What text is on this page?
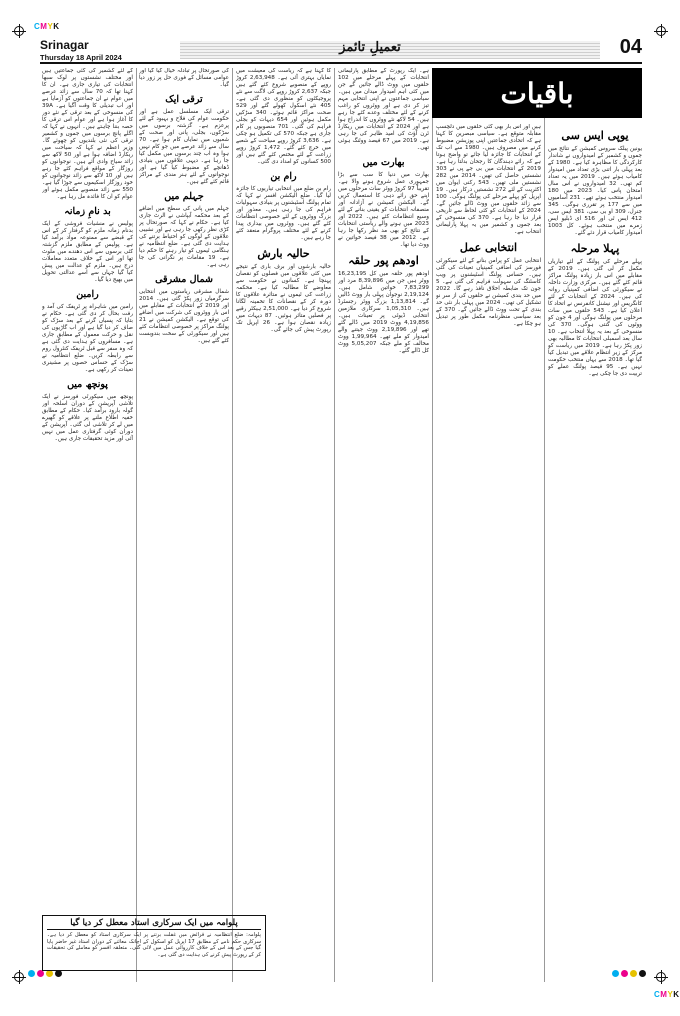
CMYK
CMYK
Srinagar
Thursday 18 April 2024
تعمیلِ تائمز	04

کے لئے کشمیر کی کئی جماعتیں ہیں اور مختلف نشستوں پر لوک سبھا انتخابات کی تیاری جاری ہے۔ ان کا کہنا تھا کہ 70 سال سے زائد عرصے میں عوام نے ان جماعتوں کو آزمایا ہے اور اب تبدیلی کا وقت آگیا ہے۔ 39A کی منسوخی کے بعد ترقی کے نئے دور کا آغاز ہوا ہے اور عوام اس ترقی کا حصہ بننا چاہتے ہیں۔ انہوں نے کہا کہ اگلے پانچ برسوں میں جموں و کشمیر ترقی کی نئی بلندیوں کو چھوئے گا۔ وزیر اعظم نے کہا کہ سیاحت میں ریکارڈ اضافہ ہوا ہے اور 50 لاکھ سے زائد سیاح وادی آئے ہیں۔ نوجوانوں کو روزگار کے مواقع فراہم کئے جا رہے ہیں اور 10 لاکھ سے زائد نوجوانوں کو خود روزگار اسکیموں سے جوڑا گیا ہے۔ 550 سے زائد منصوبے مکمل ہوئے اور عوام کو ان کا فائدہ مل رہا ہے۔

بد نامِ زمانہ

پولیس نے منشیات فروشی کے ایک بدنام زمانہ ملزم کو گرفتار کر کے اس کے قبضے سے ممنوعہ مواد برآمد کیا ہے۔ پولیس کے مطابق ملزم گزشتہ کئی برسوں سے اس دھندے میں ملوث تھا اور اس کے خلاف متعدد معاملات درج ہیں۔ ملزم کو عدالت میں پیش کیا گیا جہاں سے اسے عدالتی تحویل میں بھیج دیا گیا۔

رامبن

رامبن میں شاہراہ پر ٹریفک کی آمد و رفت بحال کر دی گئی ہے۔ حکام نے بتایا کہ پسیاں گرنے کے بعد سڑک کو صاف کر دیا گیا ہے اور اب گاڑیوں کی نقل و حرکت معمول کے مطابق جاری ہے۔ مسافروں کو ہدایت دی گئی ہے کہ وہ سفر سے قبل ٹریفک کنٹرول روم سے رابطہ کریں۔ ضلع انتظامیہ نے سڑک کے حساس حصوں پر مشینری تعینات کر رکھی ہے۔

پونچھ میں

پونچھ میں سیکورٹی فورسز نے ایک تلاشی آپریشن کے دوران اسلحہ اور گولہ بارود برآمد کیا۔ حکام کے مطابق خفیہ اطلاع ملنے پر علاقے کو گھیرے میں لے کر تلاشی لی گئی۔ آپریشن کے دوران کوئی گرفتاری عمل میں نہیں آئی اور مزید تحقیقات جاری ہیں۔

کی صورتحال پر تبادلہ خیال کیا گیا اور عوامی مسائل کے فوری حل پر زور دیا گیا۔

ترقی ایک

ترقی ایک مسلسل عمل ہے اور حکومت عوام کی فلاح و بہبود کے لئے پرعزم ہے۔ گزشتہ برسوں میں سڑکوں، بجلی، پانی اور صحت کے شعبوں میں نمایاں کام ہوا ہے۔ 70 سال سے زائد عرصے میں جو کام نہیں ہوا وہ اب چند برسوں میں مکمل کیا جا رہا ہے۔ دیہی علاقوں میں بنیادی ڈھانچے کو مضبوط کیا گیا ہے اور نوجوانوں کے لئے ہنر مندی کے مراکز قائم کئے گئے ہیں۔

جہلم میں

جہلم میں پانی کی سطح میں اضافے کے بعد محکمہ آبپاشی نے الرٹ جاری کیا ہے۔ حکام نے کہا کہ صورتحال پر کڑی نظر رکھی جا رہی ہے اور نشیبی علاقوں کے لوگوں کو احتیاط برتنے کی ہدایت دی گئی ہے۔ ضلع انتظامیہ نے ہنگامی ٹیموں کو تیار رہنے کا حکم دیا ہے۔ 19 مقامات پر نگرانی کی جا رہی ہے۔

شمال مشرقی

شمال مشرقی ریاستوں میں انتخابی سرگرمیاں زور پکڑ گئی ہیں۔ 2014 اور 2019 کے انتخابات کے مقابلے میں اس بار ووٹروں کی شرکت میں اضافے کی توقع ہے۔ الیکشن کمیشن نے 21 پولنگ مراکز پر خصوصی انتظامات کئے ہیں اور سیکورٹی کے سخت بندوبست کئے گئے ہیں۔

کا کہنا ہے کہ ریاست کی معیشت میں نمایاں بہتری آئی ہے۔ 2,63,948 کروڑ روپے کے منصوبے شروع کئے گئے ہیں جبکہ 2,637 کروڑ روپے کی لاگت سے نئے پروجیکٹوں کو منظوری دی گئی ہے۔ 405 نئے اسکول کھولے گئے اور 529 صحت مراکز قائم ہوئے۔ 340 سڑکیں مکمل ہوئیں اور 654 دیہات کو بجلی فراہم کی گئی۔ 701 منصوبوں پر کام جاری ہے جبکہ 570 کی تکمیل ہو چکی ہے۔ 3,636 کروڑ روپے سیاحت کے شعبے میں خرچ کئے گئے۔ 1,472 کروڑ روپے زراعت کے لئے مختص کئے گئے ہیں اور 500 کسانوں کو امداد دی گئی۔

رام بن

رام بن ضلع میں انتخابی تیاریوں کا جائزہ لیا گیا۔ ضلع الیکشن افسر نے کہا کہ تمام پولنگ اسٹیشنوں پر بنیادی سہولیات فراہم کی جا رہی ہیں۔ معذور اور بزرگ ووٹروں کے لئے خصوصی انتظامات کئے گئے ہیں۔ ووٹروں میں بیداری پیدا کرنے کے لئے مختلف پروگرام منعقد کئے جا رہے ہیں۔

حالیہ بارش

حالیہ بارشوں اور برف باری کے نتیجے میں کئی علاقوں میں فصلوں کو نقصان پہنچا ہے۔ کسانوں نے حکومت سے معاوضے کا مطالبہ کیا ہے۔ محکمہ زراعت کی ٹیموں نے متاثرہ علاقوں کا دورہ کر کے نقصانات کا تخمینہ لگانا شروع کر دیا ہے۔ 2,51,000 ہیکٹر رقبے پر فصلیں متاثر ہوئیں۔ 87 دیہات میں زیادہ نقصان ہوا ہے۔ 26 اپریل تک رپورٹ پیش کی جائے گی۔

ہے۔ ایک رپورٹ کے مطابق پارلیمانی انتخابات کے پہلے مرحلے میں 102 حلقوں میں ووٹ ڈالے جائیں گے جن میں کئی اہم امیدوار میدان میں ہیں۔ سیاسی جماعتوں نے اپنی انتخابی مہم تیز کر دی ہے اور ووٹروں کو راغب کرنے کے لئے مختلف وعدے کئے جا رہے ہیں۔ 54 لاکھ نئے ووٹروں کا اندراج ہوا ہے اور 2024 کے انتخابات میں ریکارڈ ٹرن آؤٹ کی امید ظاہر کی جا رہی ہے۔ 2019 میں 67 فیصد ووٹنگ ہوئی تھی۔

بھارت میں

بھارت میں دنیا کا سب سے بڑا جمہوری عمل شروع ہونے والا ہے۔ تقریباً 97 کروڑ ووٹر سات مرحلوں میں اپنے حق رائے دہی کا استعمال کریں گے۔ الیکشن کمیشن نے آزادانہ اور منصفانہ انتخابات کو یقینی بنانے کے لئے وسیع انتظامات کئے ہیں۔ 2022 اور 2023 میں ہونے والے ریاستی انتخابات کے نتائج کو بھی مد نظر رکھا جا رہا ہے۔ 2012 میں 38 فیصد خواتین نے ووٹ دیا تھا۔

اودھم پور حلقہ

اودھم پور حلقہ میں کل 16,23,195 ووٹر ہیں جن میں 8,39,896 مرد اور 7,83,299 خواتین شامل ہیں۔ 2,19,124 نوجوان پہلی بار ووٹ ڈالیں گے۔ 1,13,814 بزرگ ووٹر رجسٹرڈ ہیں۔ 1,05,310 سرکاری ملازمین انتخابی ڈیوٹی پر تعینات ہیں۔ 4,19,856 ووٹ 2019 میں ڈالے گئے تھے اور 2,19,896 ووٹ جیتنے والے امیدوار کو ملے تھے۔ 1,99,964 ووٹ مخالف کو ملے جبکہ 5,05,207 ووٹ کل ڈالے گئے۔

ہیں اور اس بار بھی کئی حلقوں میں دلچسپ مقابلہ متوقع ہے۔ سیاسی مبصرین کا کہنا ہے کہ اتحادی جماعتیں اپنی پوزیشن مضبوط کرنے میں مصروف ہیں۔ 1980 سے اب تک کے انتخابات کا جائزہ لیا جائے تو واضح ہوتا ہے کہ رائے دہندگان کا رجحان بدلتا رہا ہے۔ 2019 کے انتخابات میں بی جے پی نے 303 نشستیں حاصل کی تھیں۔ 2014 میں 282 نشستیں ملی تھیں۔ 543 رکنی ایوان میں اکثریت کے لئے 272 نشستیں درکار ہیں۔ 19 اپریل کو پہلے مرحلے کی پولنگ ہوگی۔ 100 سے زائد حلقوں میں ووٹ ڈالے جائیں گے۔ 2024 کے انتخابات کو کئی لحاظ سے تاریخی قرار دیا جا رہا ہے۔ 370 کی منسوخی کے بعد جموں و کشمیر میں یہ پہلا پارلیمانی انتخاب ہے۔

انتخابی عمل

انتخابی عمل کو پرامن بنانے کے لئے سیکورٹی فورسز کی اضافی کمپنیاں تعینات کی گئی ہیں۔ حساس پولنگ اسٹیشنوں پر ویب کاسٹنگ کی سہولت فراہم کی گئی ہے۔ 5 جون تک ضابطہ اخلاق نافذ رہے گا۔ 2022 میں حد بندی کمیشن نے حلقوں کی از سر نو تشکیل کی تھی۔ 2024 میں پہلی بار نئی حد بندی کے تحت ووٹ ڈالے جائیں گے۔ 370 کے بعد سیاسی منظرنامہ مکمل طور پر تبدیل ہو چکا ہے۔

یوپی ایس سی

یونین پبلک سروس کمیشن کے نتائج میں جموں و کشمیر کے امیدواروں نے شاندار کارکردگی کا مظاہرہ کیا ہے۔ 1980 کے بعد پہلی بار اتنی بڑی تعداد میں امیدوار کامیاب ہوئے ہیں۔ 2019 میں یہ تعداد کم تھی۔ 32 امیدواروں نے اس سال امتحان پاس کیا۔ 2023 میں 180 امیدوار منتخب ہوئے تھے۔ 231 آسامیوں میں سے 177 پر تقرری ہوگی۔ 345 جنرل، 309 او بی سی، 381 ایس سی، 412 ایس ٹی اور 516 ای ڈبلیو ایس زمرے میں منتخب ہوئے۔ کل 1003 امیدوار کامیاب قرار دئے گئے۔

پہلا مرحلہ

پہلے مرحلے کی پولنگ کے لئے تیاریاں مکمل کر لی گئی ہیں۔ 2019 کے مقابلے میں اس بار زیادہ پولنگ مراکز قائم کئے گئے ہیں۔ مرکزی وزارت داخلہ نے سیکورٹی کی اضافی کمپنیاں روانہ کی ہیں۔ 2024 کے انتخابات کے لئے کانگریس اور نیشنل کانفرنس نے اتحاد کا اعلان کیا ہے۔ 543 حلقوں میں سات مرحلوں میں پولنگ ہوگی اور 4 جون کو ووٹوں کی گنتی ہوگی۔ 370 کی منسوخی کے بعد یہ پہلا انتخاب ہے۔ 10 سال بعد اسمبلی انتخابات کا مطالبہ بھی زور پکڑ رہا ہے۔ 2019 میں ریاست کو مرکز کے زیر انتظام علاقے میں تبدیل کیا گیا تھا۔ 2018 سے یہاں منتخب حکومت نہیں ہے۔ 95 فیصد پولنگ عملے کو تربیت دی جا چکی ہے۔

باقیات
پلوامہ میں ایک سرکاری استاد معطل کر دیا گیا
پلوامہ: ضلع انتظامیہ نے فرائض میں غفلت برتنے پر ایک سرکاری استاد کو معطل کر دیا ہے۔ سرکاری حکم نامے کے مطابق 17 اپریل کو اسکول کے اچانک معائنے کے دوران استاد غیر حاضر پایا گیا جس کے بعد اس کے خلاف کارروائی عمل میں لائی گئی۔ متعلقہ افسر کو معاملے کی تحقیقات کر کے رپورٹ پیش کرنے کی ہدایت دی گئی ہے۔
